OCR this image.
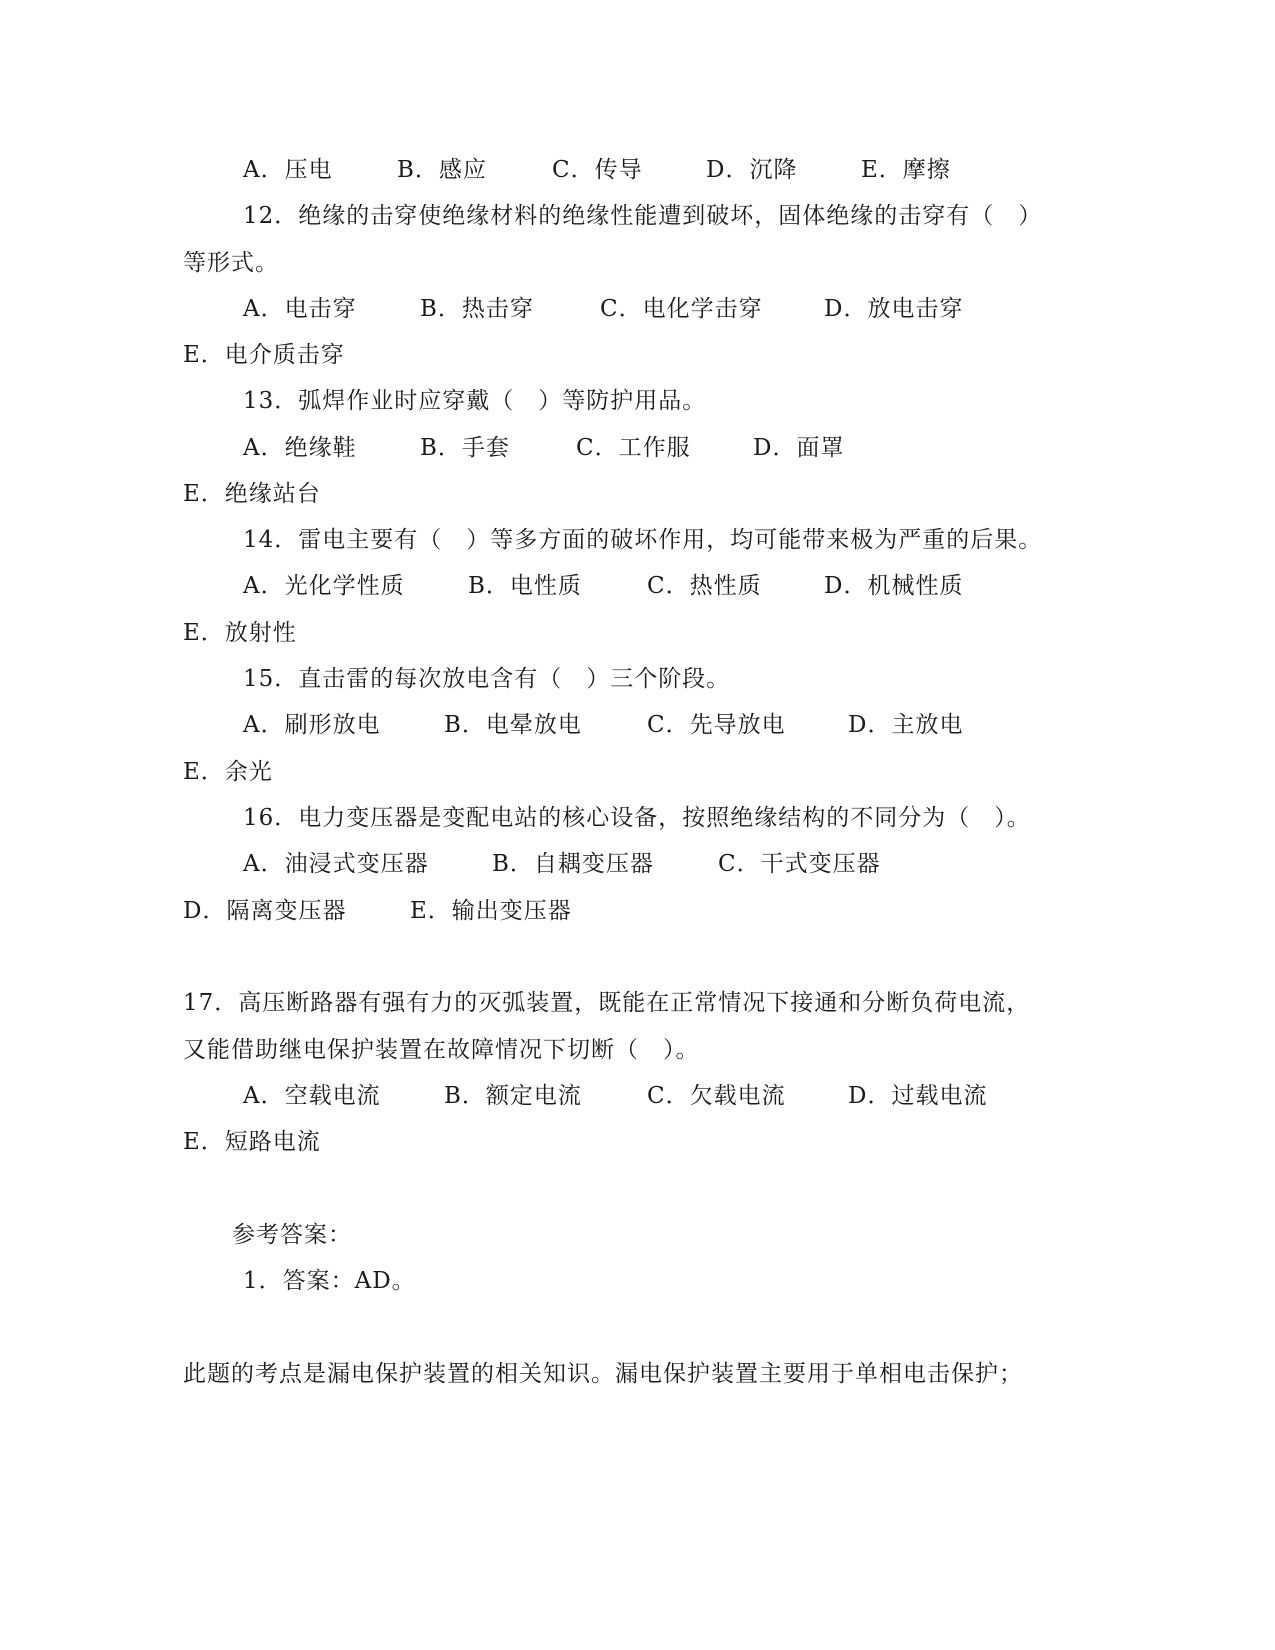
A．压电	B．感应	C．传导	D．沉降	E．摩擦
12．绝缘的击穿使绝缘材料的绝缘性能遭到破坏，固体绝缘的击穿有（　）
等形式。
A．电击穿	B．热击穿	C．电化学击穿	D．放电击穿
E．电介质击穿
13．弧焊作业时应穿戴（　）等防护用品。
A．绝缘鞋	B．手套	C．工作服	D．面罩
E．绝缘站台
14．雷电主要有（　）等多方面的破坏作用，均可能带来极为严重的后果。
A．光化学性质	B．电性质	C．热性质	D．机械性质
E．放射性
15．直击雷的每次放电含有（　）三个阶段。
A．刷形放电	B．电晕放电	C．先导放电	D．主放电
E．余光
16．电力变压器是变配电站的核心设备，按照绝缘结构的不同分为（　）。
A．油浸式变压器	B．自耦变压器	C．干式变压器
D．隔离变压器	E．输出变压器
17．高压断路器有强有力的灭弧装置，既能在正常情况下接通和分断负荷电流，
又能借助继电保护装置在故障情况下切断（　）。
A．空载电流	B．额定电流	C．欠载电流	D．过载电流
E．短路电流
参考答案：
1．答案：AD。
此题的考点是漏电保护装置的相关知识。漏电保护装置主要用于单相电击保护；
